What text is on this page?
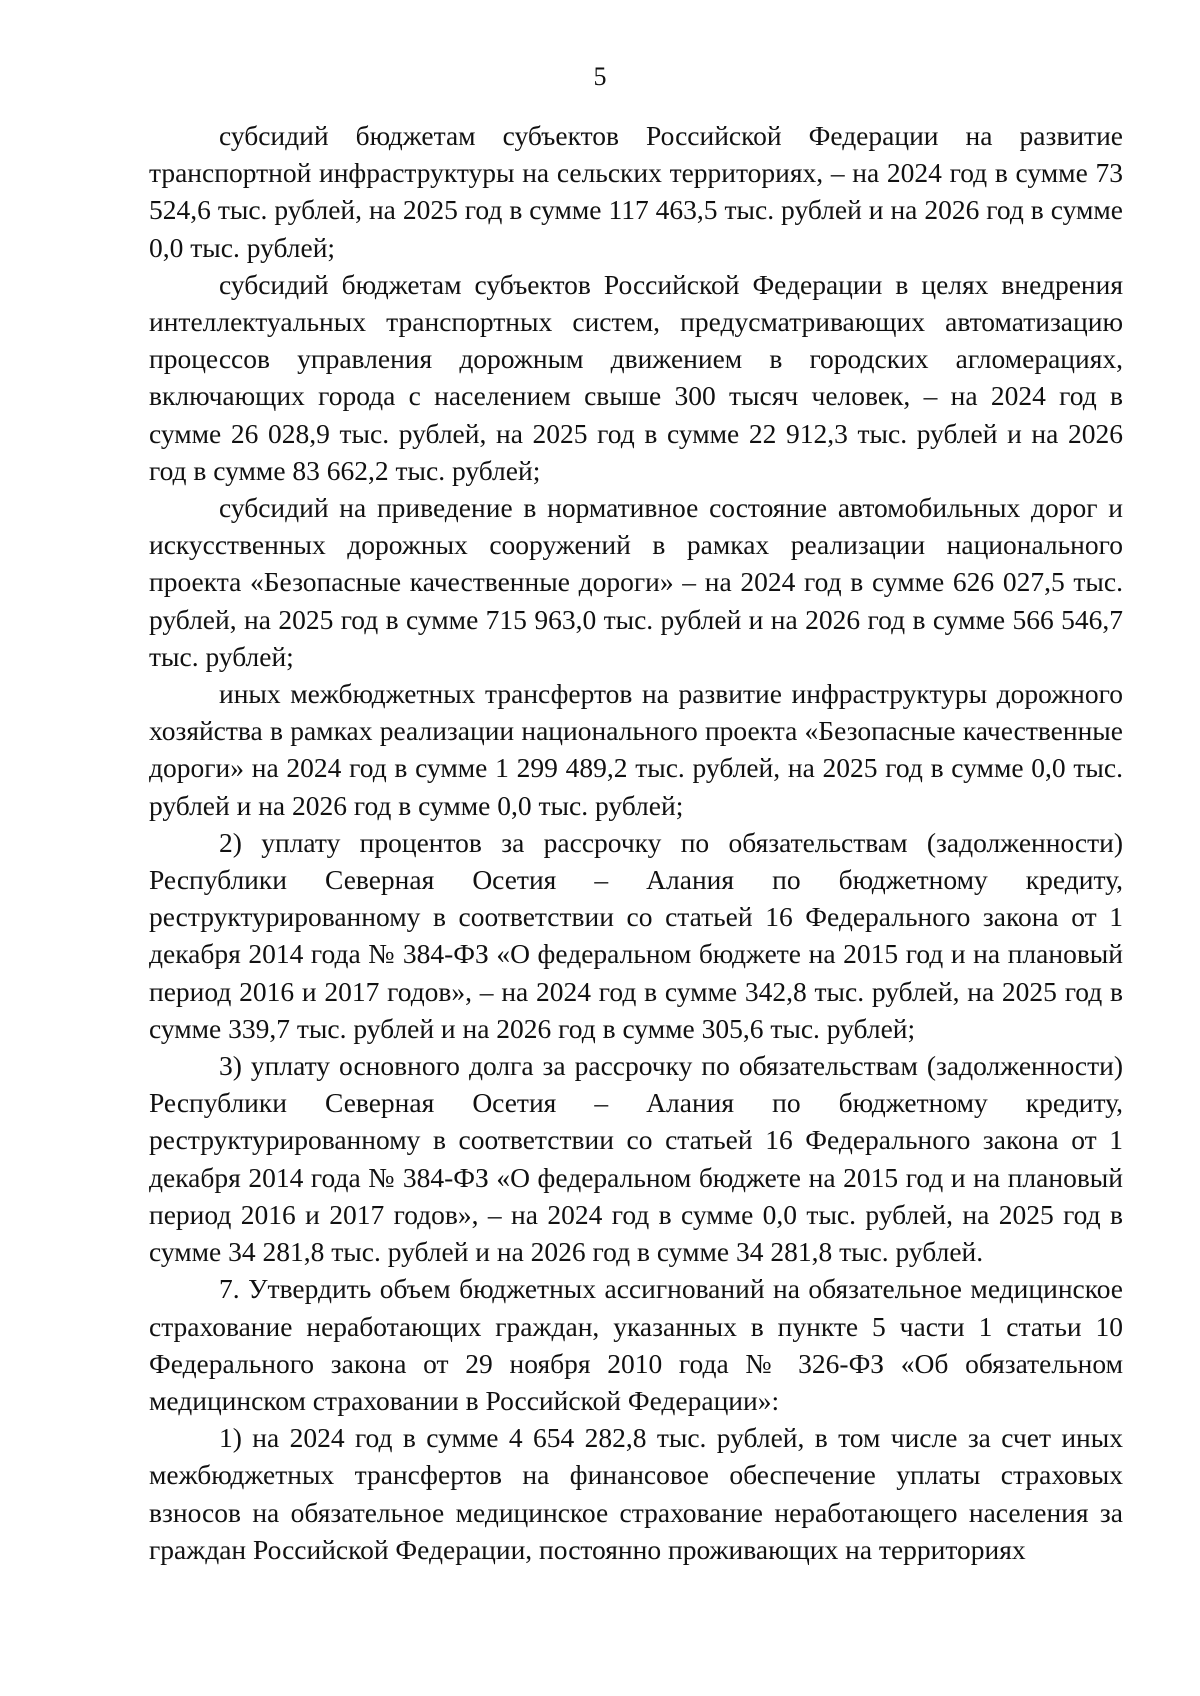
5

субсидий бюджетам субъектов Российской Федерации на развитие транспортной инфраструктуры на сельских территориях, – на 2024 год в сумме 73 524,6 тыс. рублей, на 2025 год в сумме 117 463,5 тыс. рублей и на 2026 год в сумме 0,0 тыс. рублей;

субсидий бюджетам субъектов Российской Федерации в целях внедрения интеллектуальных транспортных систем, предусматривающих автоматизацию процессов управления дорожным движением в городских агломерациях, включающих города с населением свыше 300 тысяч человек, – на 2024 год в сумме 26 028,9 тыс. рублей, на 2025 год в сумме 22 912,3 тыс. рублей и на 2026 год в сумме 83 662,2 тыс. рублей;

субсидий на приведение в нормативное состояние автомобильных дорог и искусственных дорожных сооружений в рамках реализации национального проекта «Безопасные качественные дороги» – на 2024 год в сумме 626 027,5 тыс. рублей, на 2025 год в сумме 715 963,0 тыс. рублей и на 2026 год в сумме 566 546,7 тыс. рублей;

иных межбюджетных трансфертов на развитие инфраструктуры дорожного хозяйства в рамках реализации национального проекта «Безопасные качественные дороги» на 2024 год в сумме 1 299 489,2 тыс. рублей, на 2025 год в сумме 0,0 тыс. рублей и на 2026 год в сумме 0,0 тыс. рублей;

2) уплату процентов за рассрочку по обязательствам (задолженности) Республики Северная Осетия – Алания по бюджетному кредиту, реструктурированному в соответствии со статьей 16 Федерального закона от 1 декабря 2014 года № 384-ФЗ «О федеральном бюджете на 2015 год и на плановый период 2016 и 2017 годов», – на 2024 год в сумме 342,8 тыс. рублей, на 2025 год в сумме 339,7 тыс. рублей и на 2026 год в сумме 305,6 тыс. рублей;

3) уплату основного долга за рассрочку по обязательствам (задолженности) Республики Северная Осетия – Алания по бюджетному кредиту, реструктурированному в соответствии со статьей 16 Федерального закона от 1 декабря 2014 года № 384-ФЗ «О федеральном бюджете на 2015 год и на плановый период 2016 и 2017 годов», – на 2024 год в сумме 0,0 тыс. рублей, на 2025 год в сумме 34 281,8 тыс. рублей и на 2026 год в сумме 34 281,8 тыс. рублей.

7. Утвердить объем бюджетных ассигнований на обязательное медицинское страхование неработающих граждан, указанных в пункте 5 части 1 статьи 10 Федерального закона от 29 ноября 2010 года № 326-ФЗ «Об обязательном медицинском страховании в Российской Федерации»:

1) на 2024 год в сумме 4 654 282,8 тыс. рублей, в том числе за счет иных межбюджетных трансфертов на финансовое обеспечение уплаты страховых взносов на обязательное медицинское страхование неработающего населения за граждан Российской Федерации, постоянно проживающих на территориях
